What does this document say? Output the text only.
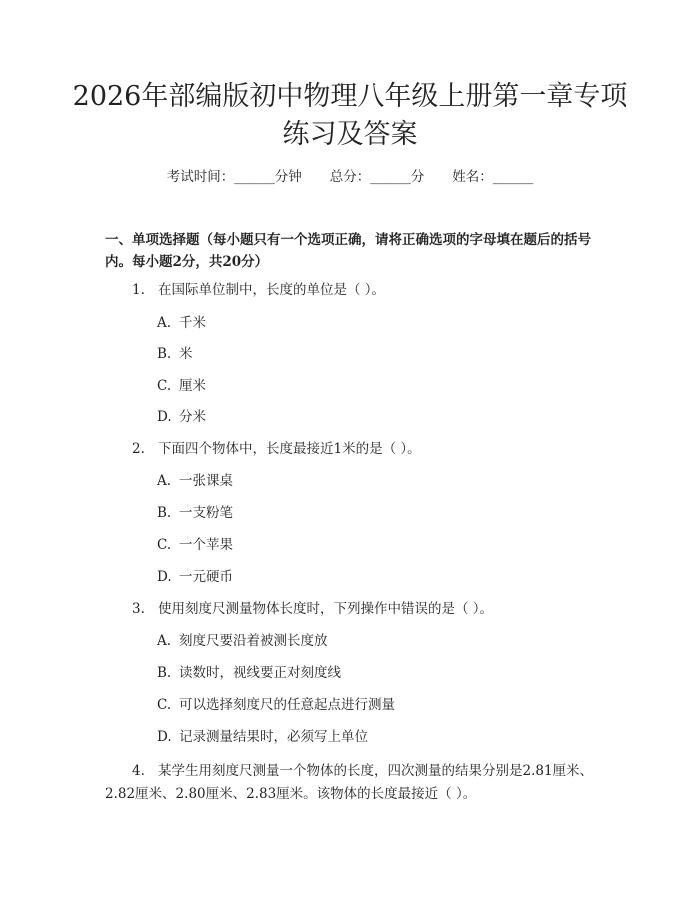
2026年部编版初中物理八年级上册第一章专项练习及答案
考试时间：______分钟 总分：______分 姓名：______

一、单项选择题（每小题只有一个选项正确，请将正确选项的字母填在题后的括号内。每小题2分，共20分）

1. 在国际单位制中，长度的单位是（ ）。
A. 千米
B. 米
C. 厘米
D. 分米
2. 下面四个物体中，长度最接近1米的是（ ）。
A. 一张课桌
B. 一支粉笔
C. 一个苹果
D. 一元硬币
3. 使用刻度尺测量物体长度时，下列操作中错误的是（ ）。
A. 刻度尺要沿着被测长度放
B. 读数时，视线要正对刻度线
C. 可以选择刻度尺的任意起点进行测量
D. 记录测量结果时，必须写上单位

4. 某学生用刻度尺测量一个物体的长度，四次测量的结果分别是2.81厘米、2.82厘米、2.80厘米、2.83厘米。该物体的长度最接近（ ）。
